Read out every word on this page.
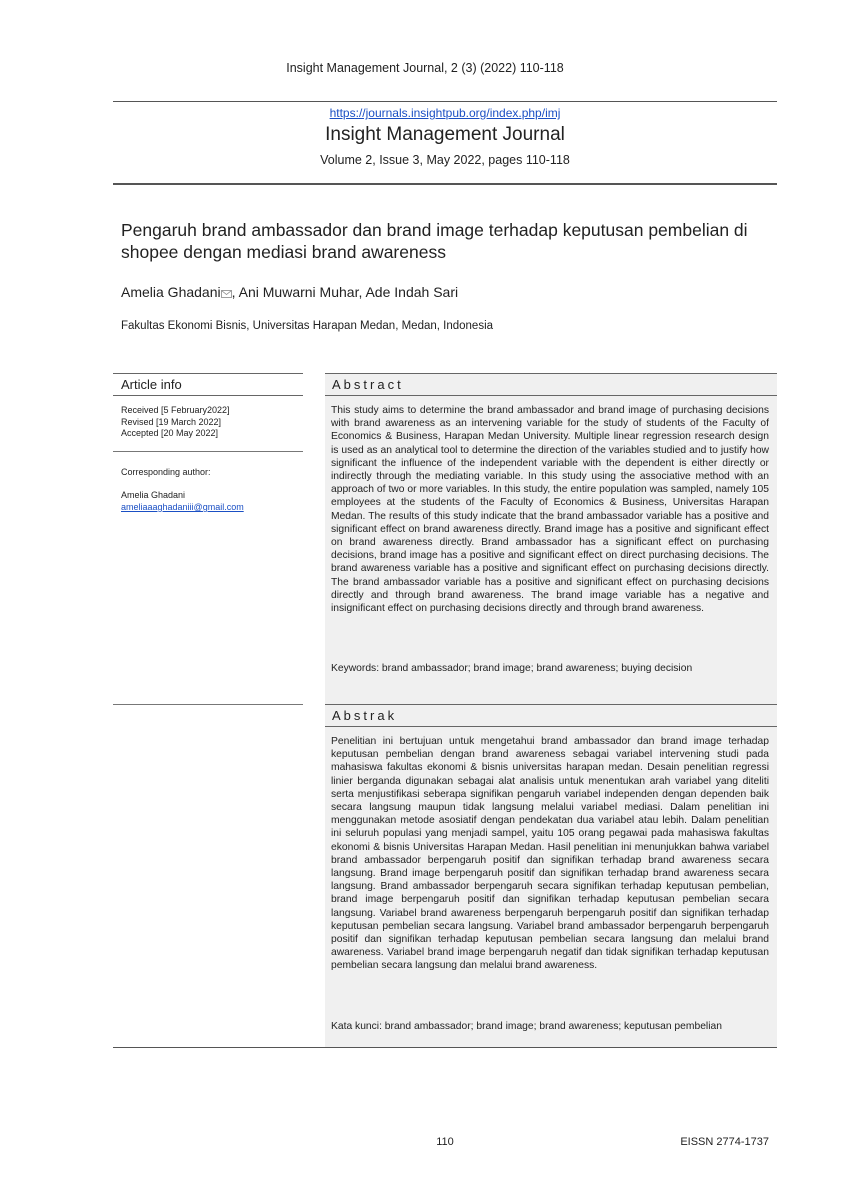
Insight Management Journal, 2 (3) (2022) 110-118
https://journals.insightpub.org/index.php/imj
Insight Management Journal
Volume 2, Issue 3, May 2022, pages 110-118
Pengaruh brand ambassador dan brand image terhadap keputusan pembelian di shopee dengan mediasi brand awareness
Amelia Ghadani , Ani Muwarni Muhar, Ade Indah Sari
Fakultas Ekonomi Bisnis, Universitas Harapan Medan, Medan, Indonesia
Article info
Received [5 February2022]
Revised [19 March 2022]
Accepted [20 May 2022]
Corresponding author:
Amelia Ghadani
ameliaaaghadaniii@gmail.com
Abstract
This study aims to determine the brand ambassador and brand image of purchasing decisions with brand awareness as an intervening variable for the study of students of the Faculty of Economics & Business, Harapan Medan University. Multiple linear regression research design is used as an analytical tool to determine the direction of the variables studied and to justify how significant the influence of the independent variable with the dependent is either directly or indirectly through the mediating variable. In this study using the associative method with an approach of two or more variables. In this study, the entire population was sampled, namely 105 employees at the students of the Faculty of Economics & Business, Universitas Harapan Medan. The results of this study indicate that the brand ambassador variable has a positive and significant effect on brand awareness directly. Brand image has a positive and significant effect on brand awareness directly. Brand ambassador has a significant effect on purchasing decisions, brand image has a positive and significant effect on direct purchasing decisions. The brand awareness variable has a positive and significant effect on purchasing decisions directly. The brand ambassador variable has a positive and significant effect on purchasing decisions directly and through brand awareness. The brand image variable has a negative and insignificant effect on purchasing decisions directly and through brand awareness.
Keywords: brand ambassador; brand image; brand awareness; buying decision
Abstrak
Penelitian ini bertujuan untuk mengetahui brand ambassador dan brand image terhadap keputusan pembelian dengan brand awareness sebagai variabel intervening studi pada mahasiswa fakultas ekonomi & bisnis universitas harapan medan. Desain penelitian regressi linier berganda digunakan sebagai alat analisis untuk menentukan arah variabel yang diteliti serta menjustifikasi seberapa signifikan pengaruh variabel independen dengan dependen baik secara langsung maupun tidak langsung melalui variabel mediasi. Dalam penelitian ini menggunakan metode asosiatif dengan pendekatan dua variabel atau lebih. Dalam penelitian ini seluruh populasi yang menjadi sampel, yaitu 105 orang pegawai pada mahasiswa fakultas ekonomi & bisnis Universitas Harapan Medan. Hasil penelitian ini menunjukkan bahwa variabel brand ambassador berpengaruh positif dan signifikan terhadap brand awareness secara langsung. Brand image berpengaruh positif dan signifikan terhadap brand awareness secara langsung. Brand ambassador berpengaruh secara signifikan terhadap keputusan pembelian, brand image berpengaruh positif dan signifikan terhadap keputusan pembelian secara langsung. Variabel brand awareness berpengaruh berpengaruh positif dan signifikan terhadap keputusan pembelian secara langsung. Variabel brand ambassador berpengaruh berpengaruh positif dan signifikan terhadap keputusan pembelian secara langsung dan melalui brand awareness. Variabel brand image berpengaruh negatif dan tidak signifikan terhadap keputusan pembelian secara langsung dan melalui brand awareness.
Kata kunci: brand ambassador; brand image; brand awareness; keputusan pembelian
110	EISSN 2774-1737
